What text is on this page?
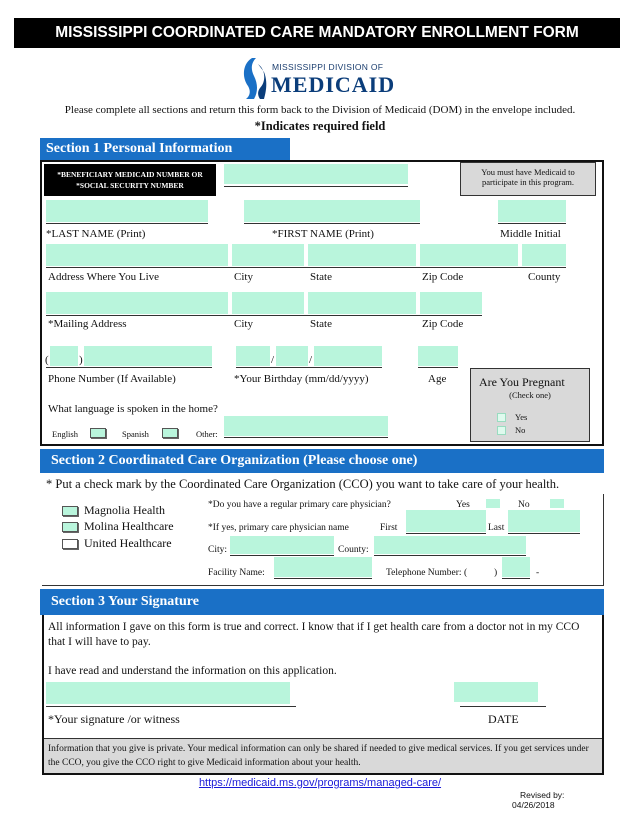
MISSISSIPPI COORDINATED CARE MANDATORY ENROLLMENT FORM
MISSISSIPPI DIVISION OF
MEDICAID
Please complete all sections and return this form back to the Division of Medicaid (DOM) in the envelope included.
*Indicates required field
Section 1 Personal Information
*BENEFICIARY MEDICAID NUMBER OR
*SOCIAL SECURITY NUMBER
You must have Medicaid to participate in this program.
*LAST NAME (Print)	*FIRST NAME (Print)	Middle Initial
Address Where You Live	City	State	Zip Code	County
*Mailing Address	City	State	Zip Code
(	)	/	/
Phone Number (If Available)	*Your Birthday (mm/dd/yyyy)	Age	Are You Pregnant
(Check one)
Yes
No
What language is spoken in the home?
English	Spanish	Other:
Section 2 Coordinated Care Organization (Please choose one)
* Put a check mark by the Coordinated Care Organization (CCO) you want to take care of your health.
Magnolia Health
Molina Healthcare
United Healthcare
*Do you have a regular primary care physician?	Yes	No
*If yes, primary care physician name	First	Last
City:	County:
Facility Name:	Telephone Number: (	)	-
Section 3 Your Signature
All information I gave on this form is true and correct. I know that if I get health care from a doctor not in my CCO that I will have to pay.
I have read and understand the information on this application.
*Your signature /or witness	DATE
Information that you give is private. Your medical information can only be shared if needed to give medical services. If you get services under the CCO, you give the CCO right to give Medicaid information about your health.
https://medicaid.ms.gov/programs/managed-care/
Revised by:
04/26/2018
